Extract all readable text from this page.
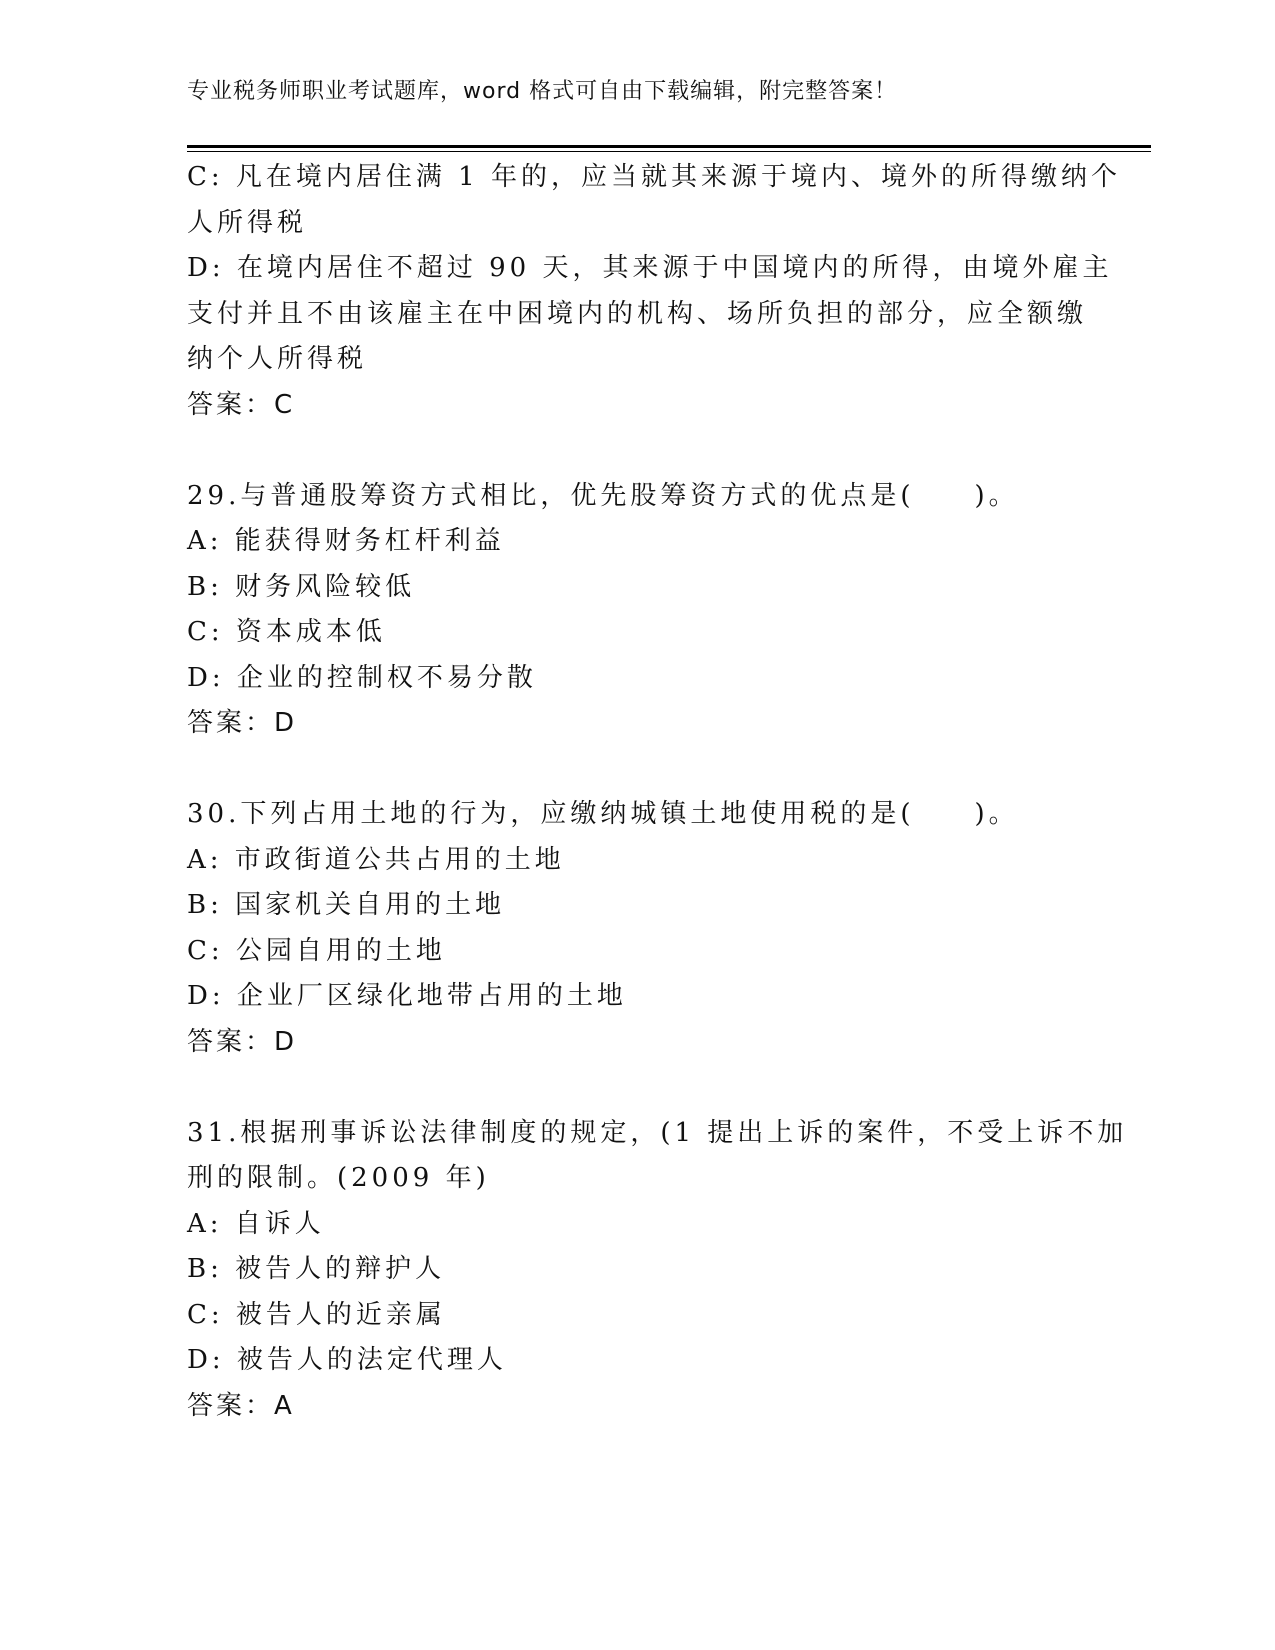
专业税务师职业考试题库，word 格式可自由下载编辑，附完整答案！
C: 凡在境内居住满 1 年的，应当就其来源于境内、境外的所得缴纳个
人所得税
D: 在境内居住不超过 90 天，其来源于中国境内的所得，由境外雇主
支付并且不由该雇主在中困境内的机构、场所负担的部分，应全额缴
纳个人所得税
答案：C
29.与普通股筹资方式相比，优先股筹资方式的优点是(　　)。
A: 能获得财务杠杆利益
B: 财务风险较低
C: 资本成本低
D: 企业的控制权不易分散
答案：D
30.下列占用土地的行为，应缴纳城镇土地使用税的是(　　)。
A: 市政街道公共占用的土地
B: 国家机关自用的土地
C: 公园自用的土地
D: 企业厂区绿化地带占用的土地
答案：D
31.根据刑事诉讼法律制度的规定，(1 提出上诉的案件，不受上诉不加
刑的限制。(2009 年)
A: 自诉人
B: 被告人的辩护人
C: 被告人的近亲属
D: 被告人的法定代理人
答案：A
